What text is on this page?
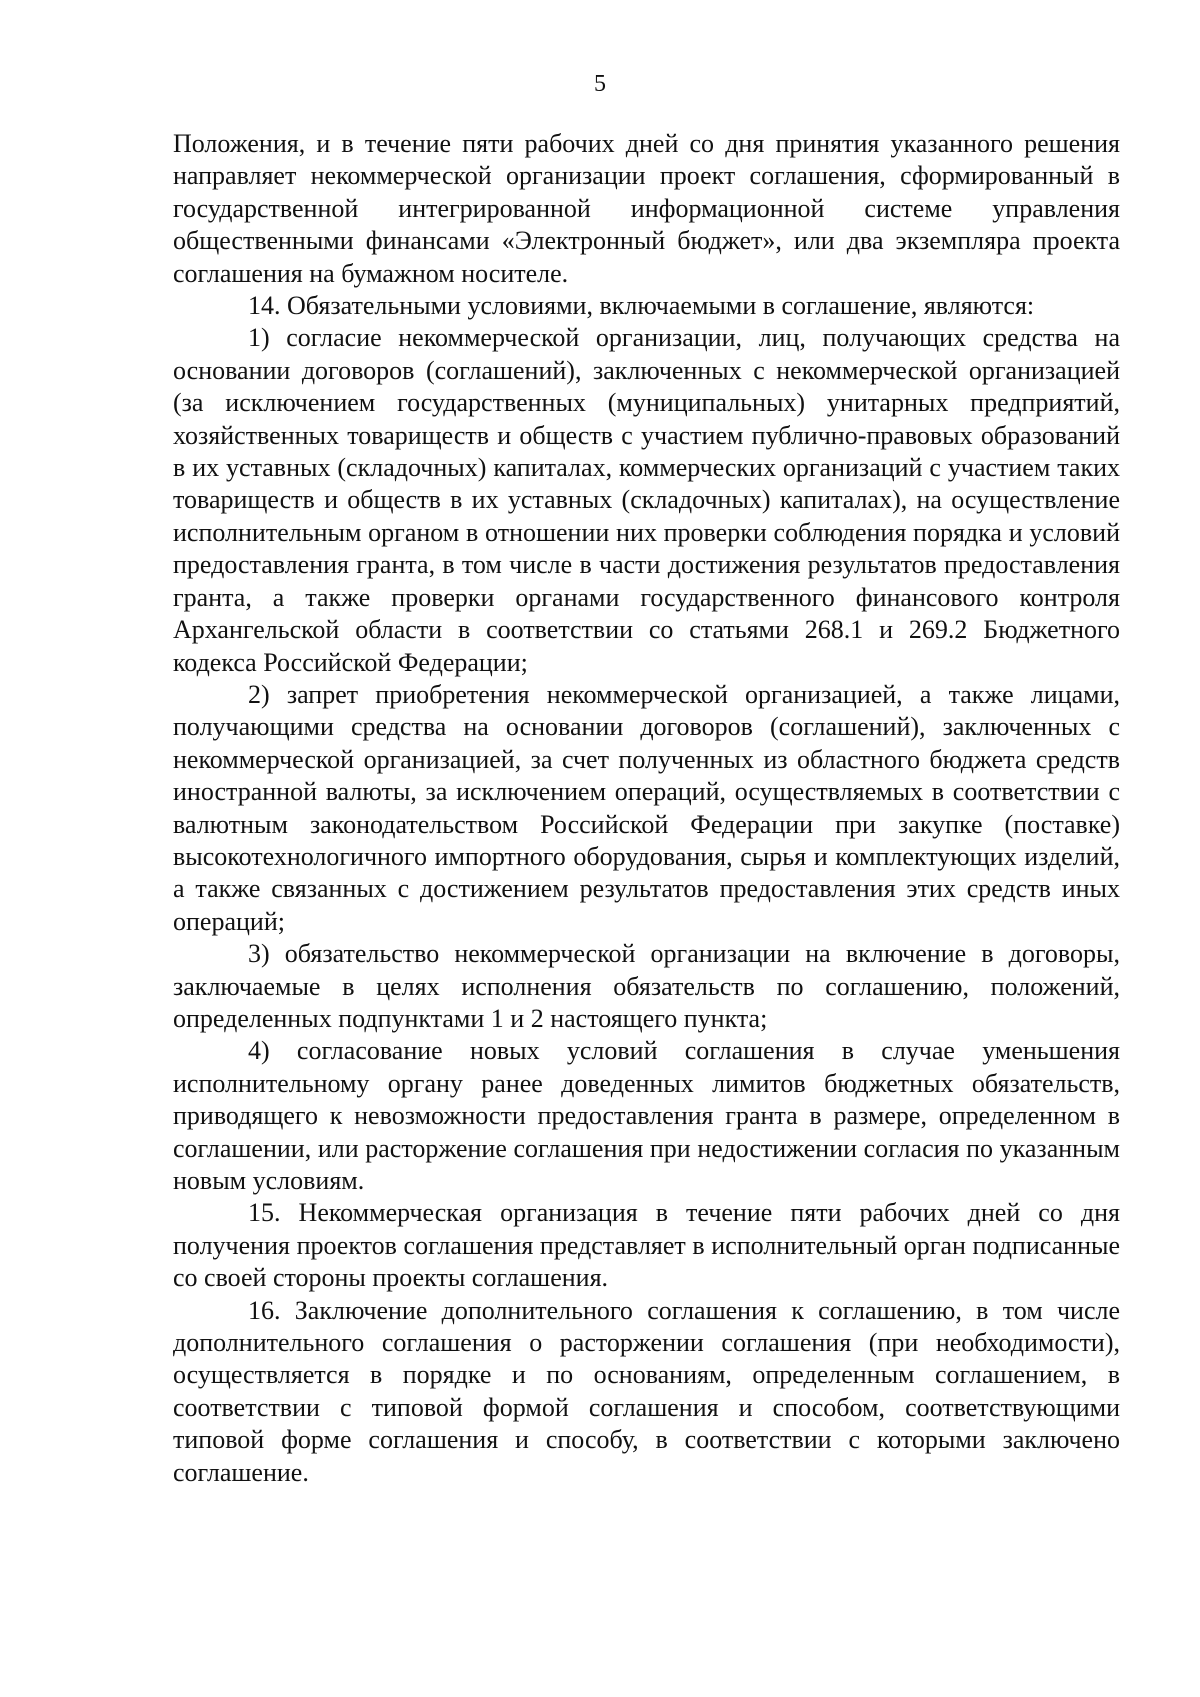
5

Положения, и в течение пяти рабочих дней со дня принятия указанного решения направляет некоммерческой организации проект соглашения, сформированный в государственной интегрированной информационной системе управления общественными финансами «Электронный бюджет», или два экземпляра проекта соглашения на бумажном носителе.

14. Обязательными условиями, включаемыми в соглашение, являются:

1) согласие некоммерческой организации, лиц, получающих средства на основании договоров (соглашений), заключенных с некоммерческой организацией (за исключением государственных (муниципальных) унитарных предприятий, хозяйственных товариществ и обществ с участием публично-правовых образований в их уставных (складочных) капиталах, коммерческих организаций с участием таких товариществ и обществ в их уставных (складочных) капиталах), на осуществление исполнительным органом в отношении них проверки соблюдения порядка и условий предоставления гранта, в том числе в части достижения результатов предоставления гранта, а также проверки органами государственного финансового контроля Архангельской области в соответствии со статьями 268.1 и 269.2 Бюджетного кодекса Российской Федерации;

2) запрет приобретения некоммерческой организацией, а также лицами, получающими средства на основании договоров (соглашений), заключенных с некоммерческой организацией, за счет полученных из областного бюджета средств иностранной валюты, за исключением операций, осуществляемых в соответствии с валютным законодательством Российской Федерации при закупке (поставке) высокотехнологичного импортного оборудования, сырья и комплектующих изделий, а также связанных с достижением результатов предоставления этих средств иных операций;

3) обязательство некоммерческой организации на включение в договоры, заключаемые в целях исполнения обязательств по соглашению, положений, определенных подпунктами 1 и 2 настоящего пункта;

4) согласование новых условий соглашения в случае уменьшения исполнительному органу ранее доведенных лимитов бюджетных обязательств, приводящего к невозможности предоставления гранта в размере, определенном в соглашении, или расторжение соглашения при недостижении согласия по указанным новым условиям.

15. Некоммерческая организация в течение пяти рабочих дней со дня получения проектов соглашения представляет в исполнительный орган подписанные со своей стороны проекты соглашения.

16. Заключение дополнительного соглашения к соглашению, в том числе дополнительного соглашения о расторжении соглашения (при необходимости), осуществляется в порядке и по основаниям, определенным соглашением, в соответствии с типовой формой соглашения и способом, соответствующими типовой форме соглашения и способу, в соответствии с которыми заключено соглашение.
